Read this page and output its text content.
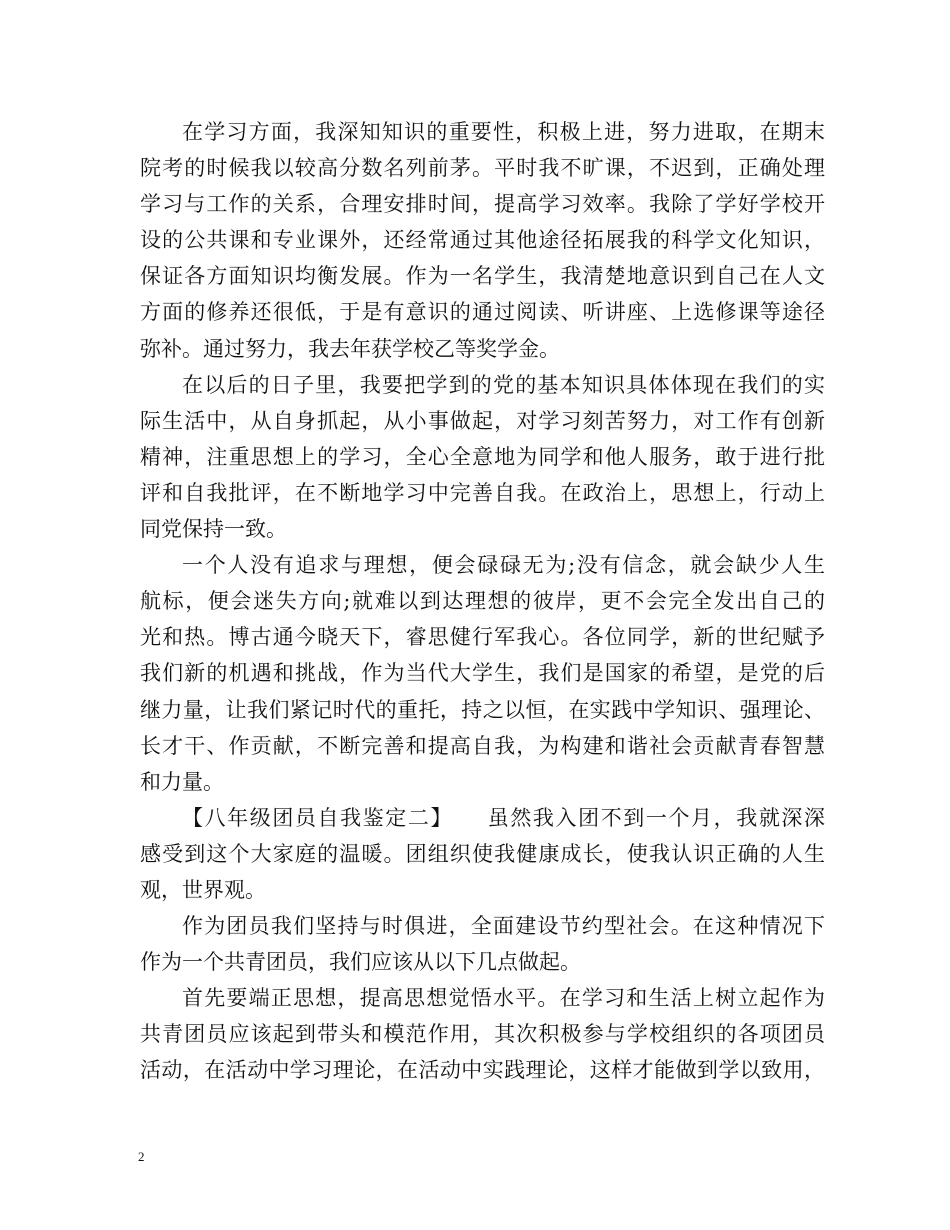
在学习方面，我深知知识的重要性，积极上进，努力进取，在期末
院考的时候我以较高分数名列前茅。平时我不旷课，不迟到，正确处理
学习与工作的关系，合理安排时间，提高学习效率。我除了学好学校开
设的公共课和专业课外，还经常通过其他途径拓展我的科学文化知识，
保证各方面知识均衡发展。作为一名学生，我清楚地意识到自己在人文
方面的修养还很低，于是有意识的通过阅读、听讲座、上选修课等途径
弥补。通过努力，我去年获学校乙等奖学金。
在以后的日子里，我要把学到的党的基本知识具体体现在我们的实
际生活中，从自身抓起，从小事做起，对学习刻苦努力，对工作有创新
精神，注重思想上的学习，全心全意地为同学和他人服务，敢于进行批
评和自我批评，在不断地学习中完善自我。在政治上，思想上，行动上
同党保持一致。
一个人没有追求与理想，便会碌碌无为;没有信念，就会缺少人生
航标，便会迷失方向;就难以到达理想的彼岸，更不会完全发出自己的
光和热。博古通今晓天下，睿思健行军我心。各位同学，新的世纪赋予
我们新的机遇和挑战，作为当代大学生，我们是国家的希望，是党的后
继力量，让我们紧记时代的重托，持之以恒，在实践中学知识、强理论、
长才干、作贡献，不断完善和提高自我，为构建和谐社会贡献青春智慧
和力量。
【八年级团员自我鉴定二】　　虽然我入团不到一个月，我就深深
感受到这个大家庭的温暖。团组织使我健康成长，使我认识正确的人生
观，世界观。
作为团员我们坚持与时俱进，全面建设节约型社会。在这种情况下
作为一个共青团员，我们应该从以下几点做起。
首先要端正思想，提高思想觉悟水平。在学习和生活上树立起作为
共青团员应该起到带头和模范作用，其次积极参与学校组织的各项团员
活动，在活动中学习理论，在活动中实践理论，这样才能做到学以致用，
2
